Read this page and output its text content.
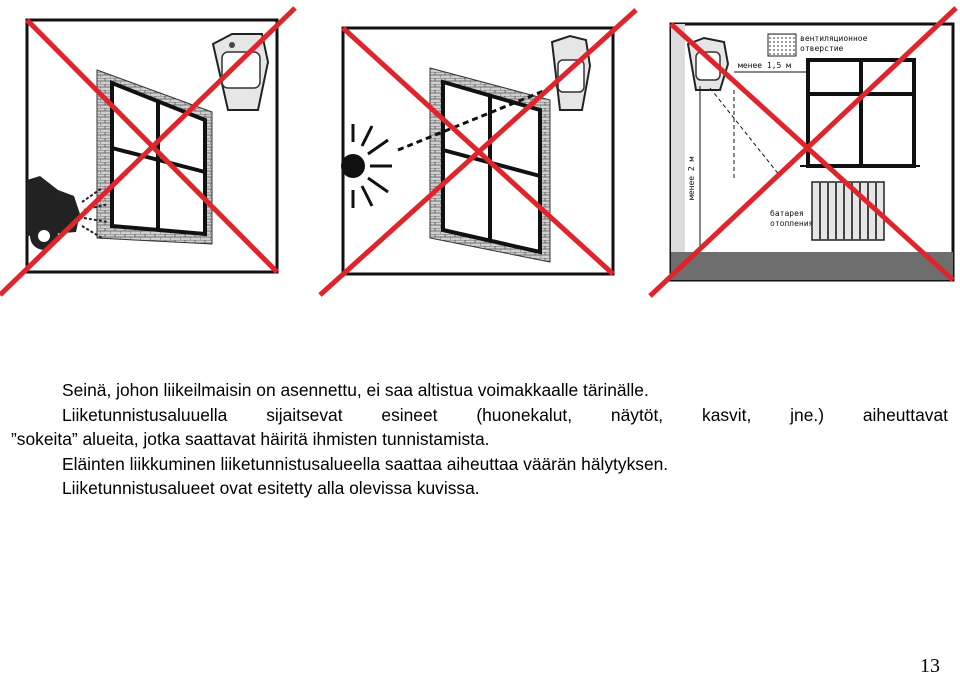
вентиляционное
отверстие
менее 1,5 м
менее 2 м
батарея
отопления
Seinä, johon liikeilmaisin on asennettu, ei saa altistua voimakkaalle tärinälle.
Liiketunnistusaluuella sijaitsevat esineet (huonekalut, näytöt, kasvit, jne.) aiheuttavat
”sokeita” alueita, jotka saattavat häiritä ihmisten tunnistamista.
Eläinten liikkuminen liiketunnistusalueella saattaa aiheuttaa väärän hälytyksen.
Liiketunnistusalueet ovat esitetty alla olevissa kuvissa.
13
